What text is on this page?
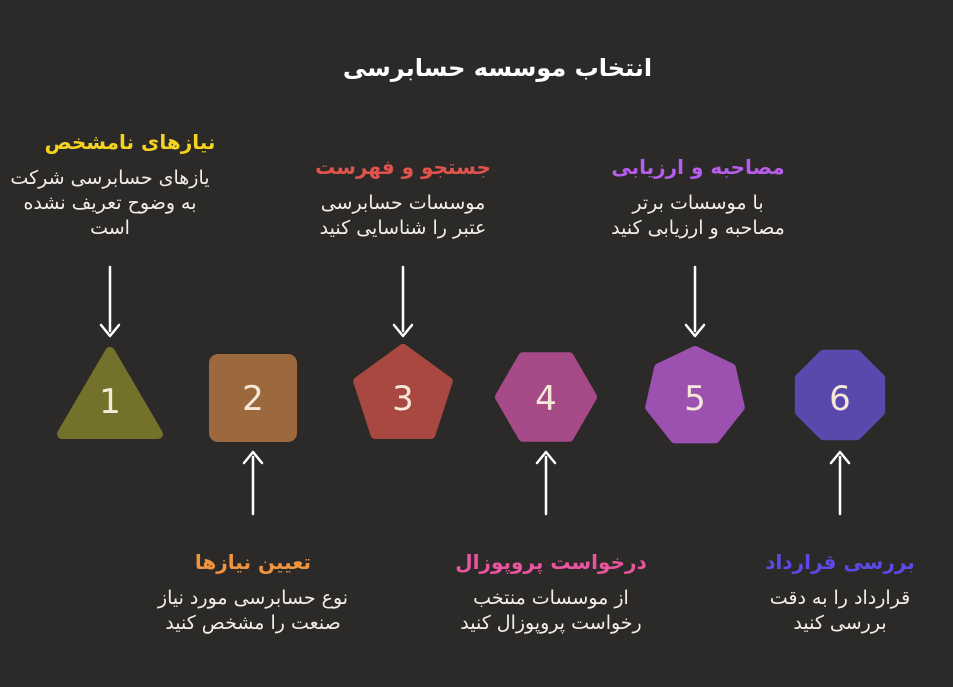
انتخاب موسسه حسابرسی
1	2	3	4	5	6
نیازهای نامشخص
یازهای حسابرسی شرکت
به وضوح تعریف نشده
است
جستجو و فهرست
موسسات حسابرسی
عتبر را شناسایی کنید
مصاحبه و ارزیابی
با موسسات برتر
مصاحبه و ارزیابی کنید
تعیین نیازها
نوع حسابرسی مورد نیاز
صنعت را مشخص کنید
درخواست پروپوزال
از موسسات منتخب
رخواست پروپوزال کنید
بررسی قرارداد
قرارداد را به دقت
بررسی کنید
